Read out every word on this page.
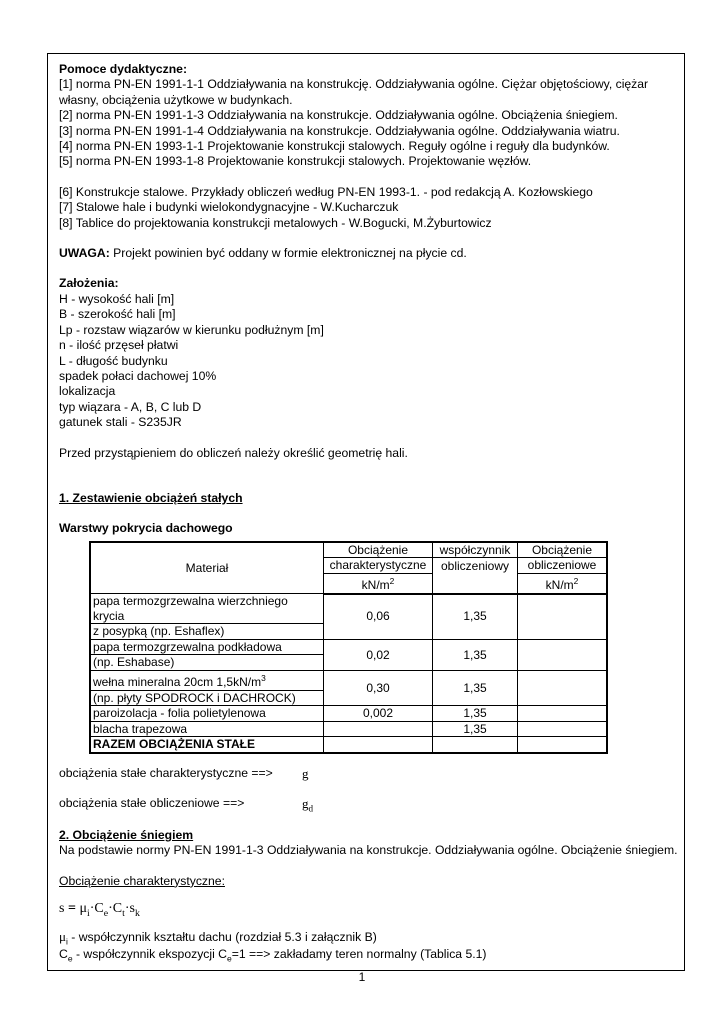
Pomoce dydaktyczne:
[1] norma PN-EN 1991-1-1 Oddziaływania na konstrukcję. Oddziaływania ogólne. Ciężar objętościowy, ciężar
własny, obciążenia użytkowe w budynkach.
[2] norma PN-EN 1991-1-3 Oddziaływania na konstrukcje. Oddziaływania ogólne. Obciążenia śniegiem.
[3] norma PN-EN 1991-1-4 Oddziaływania na konstrukcje. Oddziaływania ogólne. Oddziaływania wiatru.
[4] norma PN-EN 1993-1-1 Projektowanie konstrukcji stalowych. Reguły ogólne i reguły dla budynków.
[5] norma PN-EN 1993-1-8 Projektowanie konstrukcji stalowych. Projektowanie węzłów.
[6] Konstrukcje stalowe. Przykłady obliczeń według PN-EN 1993-1. - pod redakcją A. Kozłowskiego
[7] Stalowe hale i budynki wielokondygnacyjne - W.Kucharczuk
[8] Tablice do projektowania konstrukcji metalowych - W.Bogucki, M.Żyburtowicz
UWAGA: Projekt powinien być oddany w formie elektronicznej na płycie cd.
Założenia:
H - wysokość hali [m]
B - szerokość hali [m]
Lp - rozstaw wiązarów w kierunku podłużnym [m]
n - ilość przęseł płatwi
L - długość budynku
spadek połaci dachowej 10%
lokalizacja
typ wiązara - A, B, C lub D
gatunek stali - S235JR
Przed przystąpieniem do obliczeń należy określić geometrię hali.
1. Zestawienie obciążeń stałych
Warstwy pokrycia dachowego
Materiał	Obciążenie	współczynnik	Obciążenie
	charakterystyczne	obliczeniowy	obliczeniowe
	$kN/m^2$		$kN/m^2$
papa termozgrzewalna wierzchniego krycia	0,06	1,35	
z posypką (np. Eshaflex)			
papa termozgrzewalna podkładowa	0,02	1,35	
(np. Eshabase)			
wełna mineralna 20cm $1,5kN/m^3$	0,30	1,35	
(np. płyty SPODROCK i DACHROCK)			
paroizolacja - folia polietylenowa	0,002	1,35	
blacha trapezowa		1,35	
RAZEM OBCIĄŻENIA STAŁE			
obciążenia stałe charakterystyczne ==> g
obciążenia stałe obliczeniowe ==>	$g_d$
2. Obciążenie śniegiem
Na podstawie normy PN-EN 1991-1-3 Oddziaływania na konstrukcje. Oddziaływania ogólne. Obciążenie śniegiem.
Obciążenie charakterystyczne:
$s = \mu_i\cdot C_e\cdot C_t\cdot s_k$
$\mu_i$ - współczynnik kształtu dachu (rozdział 5.3 i załącznik B)
$C_e$ - współczynnik ekspozycji $C_e=1$ ==> zakładamy teren normalny (Tablica 5.1)
1
